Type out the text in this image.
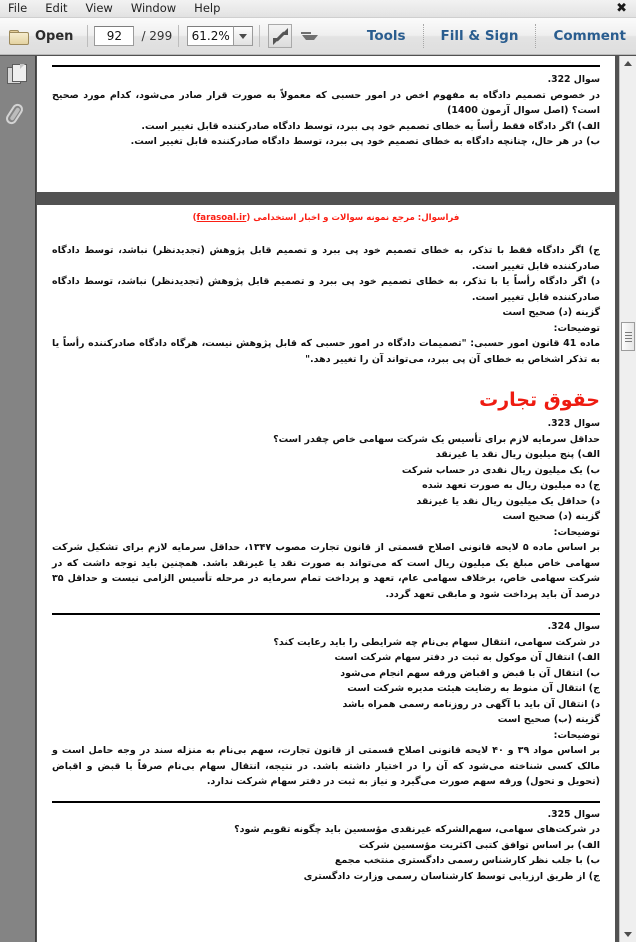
File	Edit	View	Window	Help	✖
Open	92	/ 299	61.2%	Tools	Fill & Sign	Comment
سوال 322.
در خصوص تصمیم دادگاه به مفهوم اخص در امور حسبی که معمولاً به صورت قرار صادر می‌شود، کدام مورد صحیح است؟ (اصل سوال آزمون 1400)
الف) اگر دادگاه فقط رأساً به خطای تصمیم خود پی ببرد، توسط دادگاه صادرکننده قابل تغییر است.
ب) در هر حال، چنانچه دادگاه به خطای تصمیم خود پی ببرد، توسط دادگاه صادرکننده قابل تغییر است.
فراسوال: مرجع نمونه سوالات و اخبار استخدامی (farasoal.ir)
ج) اگر دادگاه فقط با تذکر، به خطای تصمیم خود پی ببرد و تصمیم قابل پژوهش (تجدیدنظر) نباشد، توسط دادگاه صادرکننده قابل تغییر است.
د) اگر دادگاه رأساً یا با تذکر، به خطای تصمیم خود پی ببرد و تصمیم قابل پژوهش (تجدیدنظر) نباشد، توسط دادگاه صادرکننده قابل تغییر است.
گزینه (د) صحیح است
توضیحات:
ماده 41 قانون امور حسبی: "تصمیمات دادگاه در امور حسبی که قابل پژوهش نیست، هرگاه دادگاه صادرکننده رأساً یا به تذکر اشخاص به خطای آن پی ببرد، می‌تواند آن را تغییر دهد."
حقوق تجارت
سوال 323.
حداقل سرمایه لازم برای تأسیس یک شرکت سهامی خاص چقدر است؟
الف) پنج میلیون ریال نقد یا غیرنقد
ب) یک میلیون ریال نقدی در حساب شرکت
ج) ده میلیون ریال به صورت تعهد شده
د) حداقل یک میلیون ریال نقد یا غیرنقد
گزینه (د) صحیح است
توضیحات:
بر اساس ماده ۵ لایحه قانونی اصلاح قسمتی از قانون تجارت مصوب ۱۳۴۷، حداقل سرمایه لازم برای تشکیل شرکت سهامی خاص مبلغ یک میلیون ریال است که می‌تواند به صورت نقد یا غیرنقد باشد. همچنین باید توجه داشت که در شرکت سهامی خاص، برخلاف سهامی عام، تعهد و پرداخت تمام سرمایه در مرحله تأسیس الزامی نیست و حداقل ۳۵ درصد آن باید پرداخت شود و مابقی تعهد گردد.
سوال 324.
در شرکت سهامی، انتقال سهام بی‌نام چه شرایطی را باید رعایت کند؟
الف) انتقال آن موکول به ثبت در دفتر سهام شرکت است
ب) انتقال آن با قبض و اقباض ورقه سهم انجام می‌شود
ج) انتقال آن منوط به رضایت هیئت مدیره شرکت است
د) انتقال آن باید با آگهی در روزنامه رسمی همراه باشد
گزینه (ب) صحیح است
توضیحات:
بر اساس مواد ۳۹ و ۴۰ لایحه قانونی اصلاح قسمتی از قانون تجارت، سهم بی‌نام به منزله سند در وجه حامل است و مالک کسی شناخته می‌شود که آن را در اختیار داشته باشد. در نتیجه، انتقال سهام بی‌نام صرفاً با قبض و اقباض (تحویل و تحول) ورقه سهم صورت می‌گیرد و نیاز به ثبت در دفتر سهام شرکت ندارد.
سوال 325.
در شرکت‌های سهامی، سهم‌الشرکه غیرنقدی مؤسسین باید چگونه تقویم شود؟
الف) بر اساس توافق کتبی اکثریت مؤسسین شرکت
ب) با جلب نظر کارشناس رسمی دادگستری منتخب مجمع
ج) از طریق ارزیابی توسط کارشناسان رسمی وزارت دادگستری
